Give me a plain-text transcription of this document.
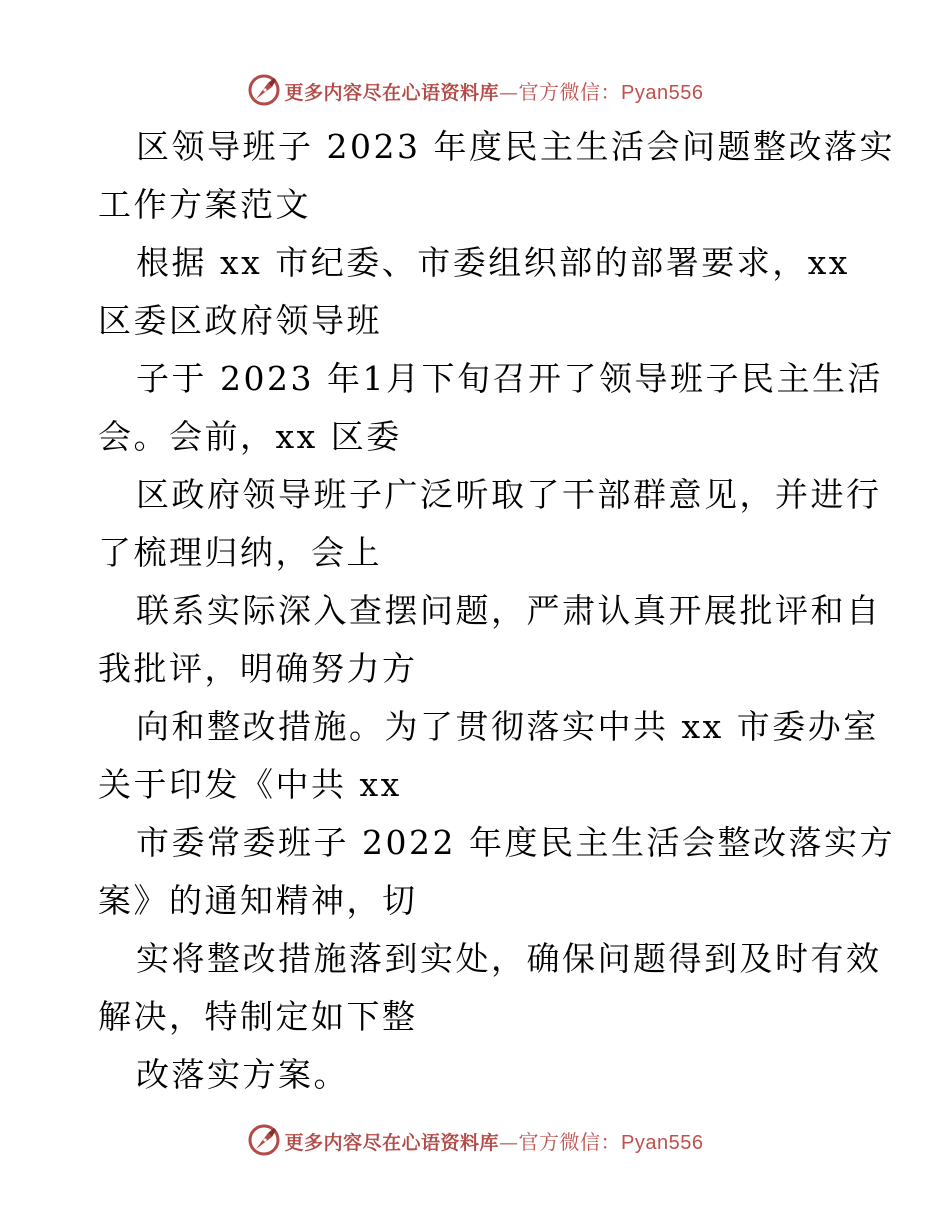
更多内容尽在心语资料库—官方微信：Pyan556
区领导班子 2023 年度民主生活会问题整改落实
工作方案范文
根据 xx 市纪委、市委组织部的部署要求，xx
区委区政府领导班
子于 2023 年1月下旬召开了领导班子民主生活
会。会前，xx 区委
区政府领导班子广泛听取了干部群意见，并进行
了梳理归纳，会上
联系实际深入查摆问题，严肃认真开展批评和自
我批评，明确努力方
向和整改措施。为了贯彻落实中共 xx 市委办室
关于印发《中共 xx
市委常委班子 2022 年度民主生活会整改落实方
案》的通知精神，切
实将整改措施落到实处，确保问题得到及时有效
解决，特制定如下整
改落实方案。
更多内容尽在心语资料库—官方微信：Pyan556
